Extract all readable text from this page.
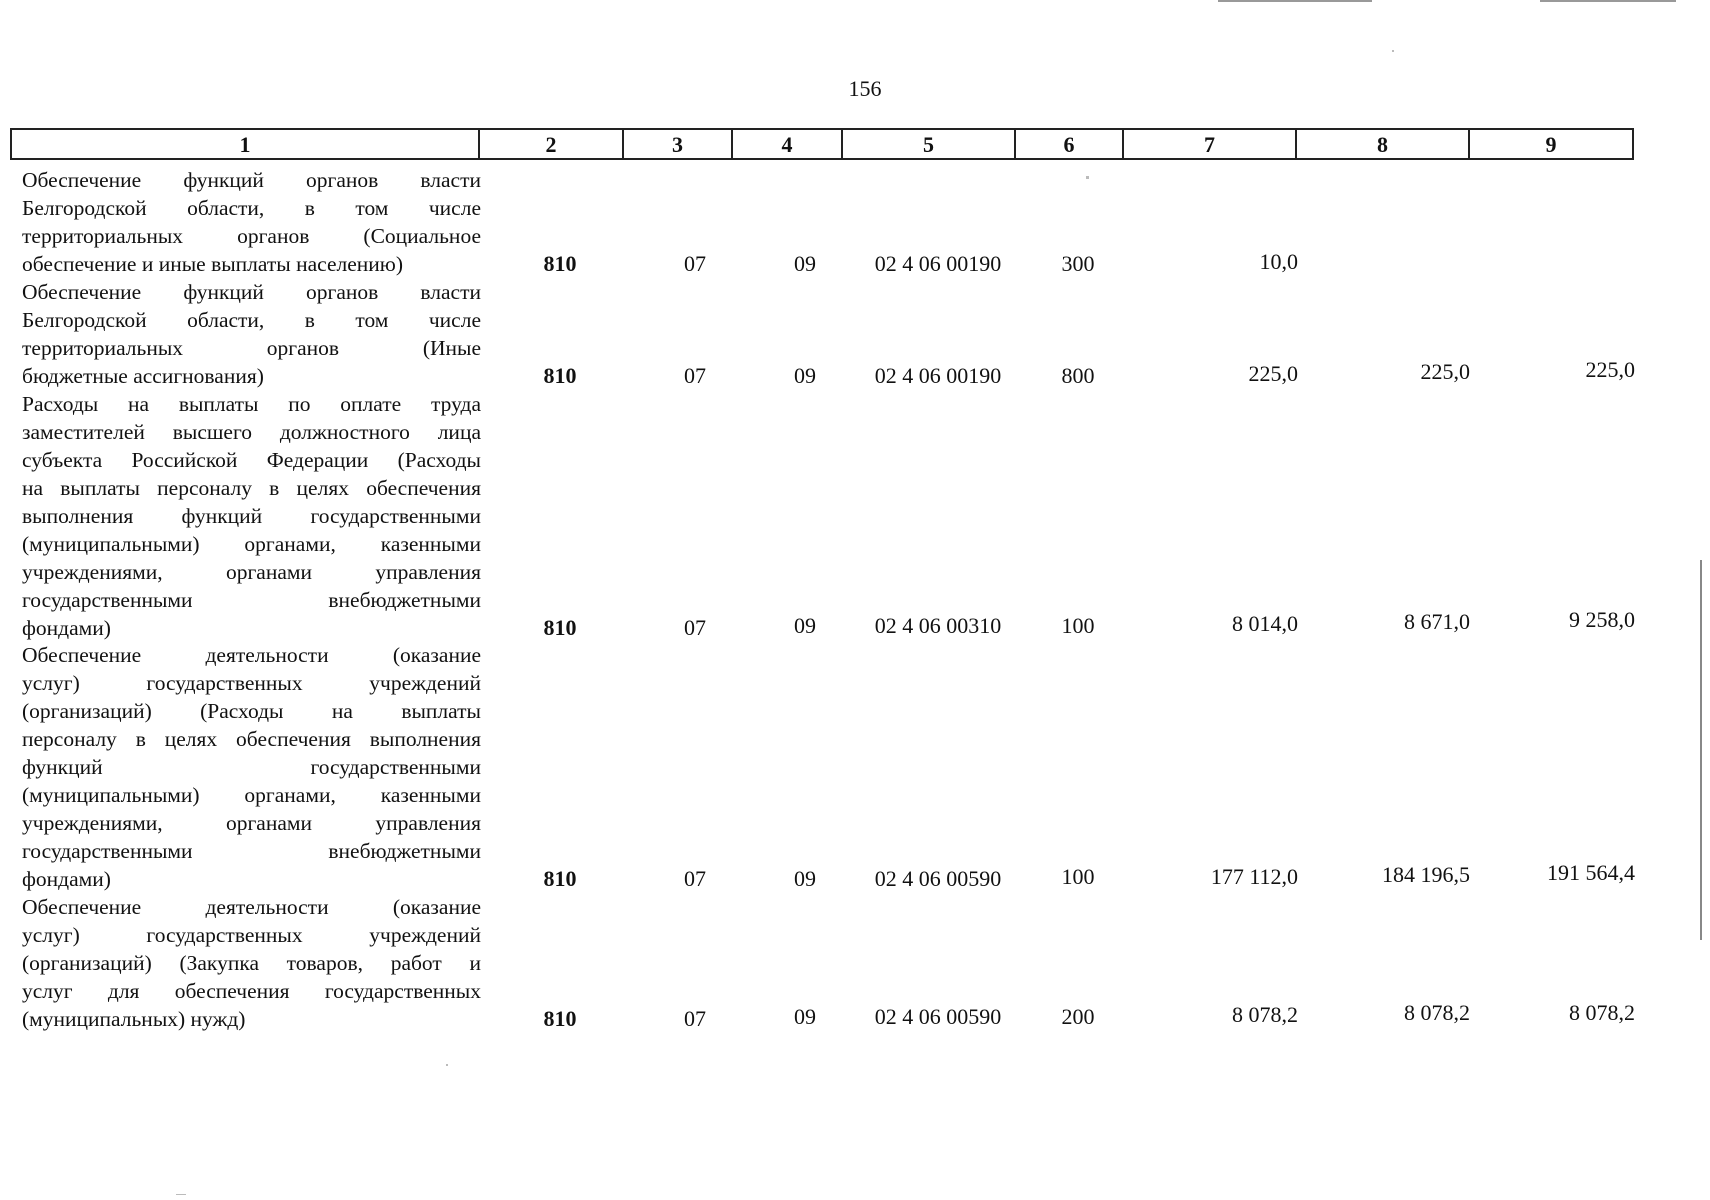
156
1	2	3	4	5	6	7	8	9
Обеспечение функций органов власти
Белгородской области, в том числе
территориальных органов (Социальное
обеспечение и иные выплаты населению)	810	07	09	02 4 06 00190	300	10,0
Обеспечение функций органов власти
Белгородской области, в том числе
территориальных органов (Иные
бюджетные ассигнования)	810	07	09	02 4 06 00190	800	225,0	225,0	225,0
Расходы на выплаты по оплате труда
заместителей высшего должностного лица
субъекта Российской Федерации (Расходы
на выплаты персоналу в целях обеспечения
выполнения функций государственными
(муниципальными) органами, казенными
учреждениями, органами управления
государственными внебюджетными
фондами)	810	07	09	02 4 06 00310	100	8 014,0	8 671,0	9 258,0
Обеспечение деятельности (оказание
услуг) государственных учреждений
(организаций) (Расходы на выплаты
персоналу в целях обеспечения выполнения
функций государственными
(муниципальными) органами, казенными
учреждениями, органами управления
государственными внебюджетными
фондами)	810	07	09	02 4 06 00590	100	177 112,0	184 196,5	191 564,4
Обеспечение деятельности (оказание
услуг) государственных учреждений
(организаций) (Закупка товаров, работ и
услуг для обеспечения государственных
(муниципальных) нужд)	810	07	09	02 4 06 00590	200	8 078,2	8 078,2	8 078,2
